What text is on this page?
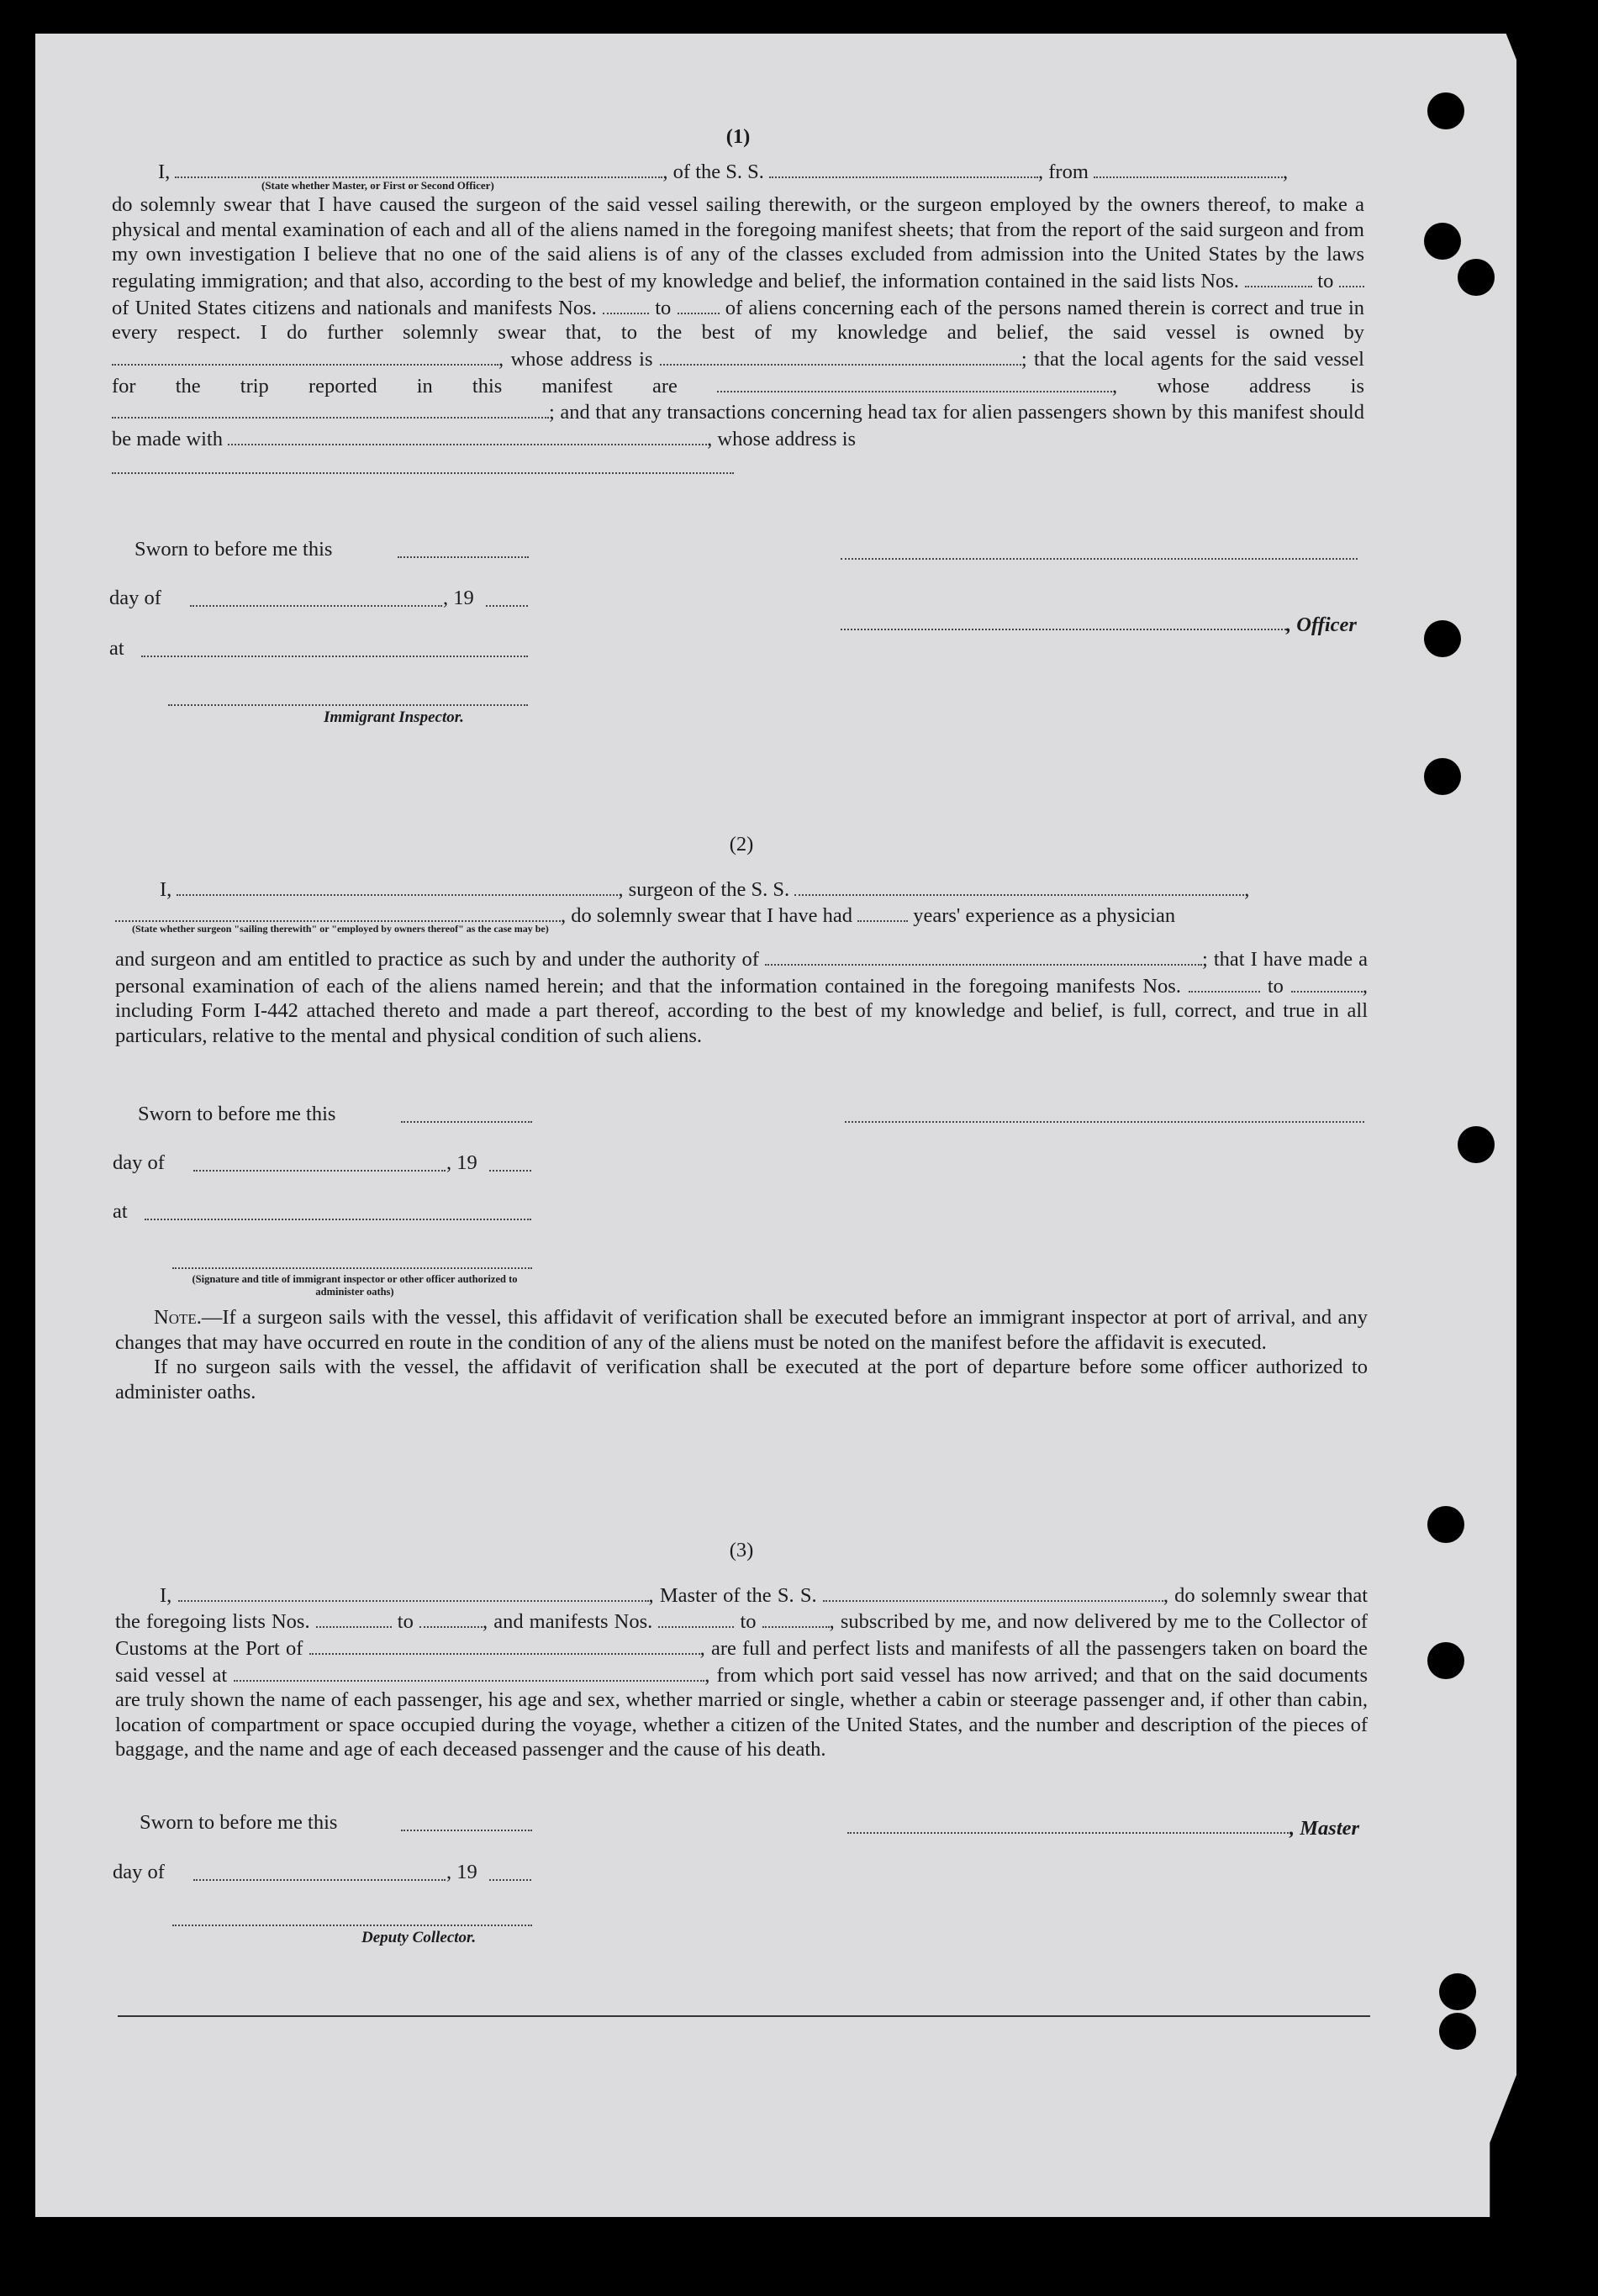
(1)

I,	, of the S. S.	, from	,

(State whether Master, or First or Second Officer)

do solemnly swear that I have caused the surgeon of the said vessel sailing therewith, or the surgeon employed by the owners thereof, to make a physical and mental examination of each and all of the aliens named in the foregoing manifest sheets; that from the report of the said surgeon and from my own investigation I believe that no one of the said aliens is of any of the classes excluded from admission into the United States by the laws regulating immigration; and that also, according to the best of my knowledge and belief, the information contained in the said lists Nos.	to  of United States citizens and nationals and manifests Nos.	to	of aliens concerning each of the persons named therein is correct and true in every respect. I do further solemnly swear that, to the best of my knowledge and belief, the said vessel is owned by , whose address is	; that the local agents for the said vessel for the trip reported in this manifest are	, whose address is ; and that any transactions concerning head tax for alien passengers shown by this manifest should be made with	, whose address is

Sworn to before me this
day of	, 19
at
, Officer
Immigrant Inspector.
(2)

I,	, surgeon of the S. S.	,

, do solemnly swear that I have had	years' experience as a physician

(State whether surgeon "sailing therewith" or "employed by owners thereof" as the case may be)

and surgeon and am entitled to practice as such by and under the authority of	; that I have made a personal examination of each of the aliens named herein; and that the information contained in the foregoing manifests Nos.	to	, including Form I-442 attached thereto and made a part thereof, according to the best of my knowledge and belief, is full, correct, and true in all particulars, relative to the mental and physical condition of such aliens.

Sworn to before me this
day of	, 19
at
(Signature and title of immigrant inspector or other officer authorized to administer oaths)

Note.—If a surgeon sails with the vessel, this affidavit of verification shall be executed before an immigrant inspector at port of arrival, and any changes that may have occurred en route in the condition of any of the aliens must be noted on the manifest before the affidavit is executed.

If no surgeon sails with the vessel, the affidavit of verification shall be executed at the port of departure before some officer authorized to administer oaths.

(3)

I,	, Master of the S. S.	, do solemnly swear that the foregoing lists Nos.	to	, and manifests Nos.	to	, subscribed by me, and now delivered by me to the Collector of Customs at the Port of	, are full and perfect lists and manifests of all the passengers taken on board the said vessel at	, from which port said vessel has now arrived; and that on the said documents are truly shown the name of each passenger, his age and sex, whether married or single, whether a cabin or steerage passenger and, if other than cabin, location of compartment or space occupied during the voyage, whether a citizen of the United States, and the number and description of the pieces of baggage, and the name and age of each deceased passenger and the cause of his death.

Sworn to before me this
day of	, 19
, Master
Deputy Collector.
